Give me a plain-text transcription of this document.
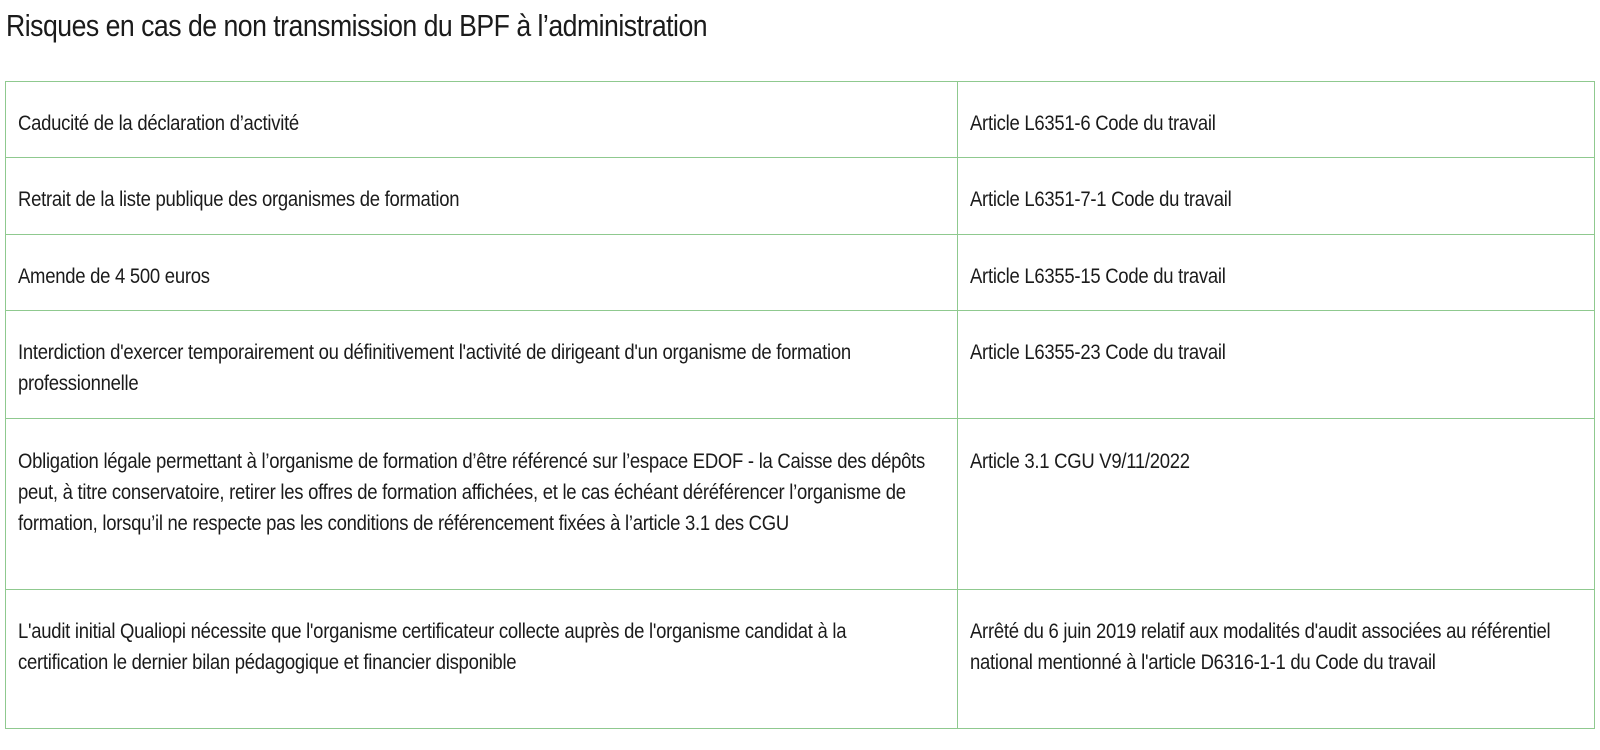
Risques en cas de non transmission du BPF à l’administration
Caducité de la déclaration d’activité	Article L6351-6 Code du travail

Retrait de la liste publique des organismes de formation	Article L6351-7-1 Code du travail

Amende de 4 500 euros	Article L6355-15 Code du travail

Interdiction d'exercer temporairement ou définitivement l'activité de dirigeant d'un organisme de formation professionnelle	Article L6355-23 Code du travail

Obligation légale permettant à l’organisme de formation d’être référencé sur l’espace EDOF - la Caisse des dépôts peut, à titre conservatoire, retirer les offres de formation affichées, et le cas échéant déréférencer l’organisme de formation, lorsqu’il ne respecte pas les conditions de référencement fixées à l’article 3.1 des CGU	Article 3.1 CGU V9/11/2022

L'audit initial Qualiopi nécessite que l'organisme certificateur collecte auprès de l'organisme candidat à la certification le dernier bilan pédagogique et financier disponible	Arrêté du 6 juin 2019 relatif aux modalités d'audit associées au référentiel national mentionné à l'article D6316-1-1 du Code du travail
